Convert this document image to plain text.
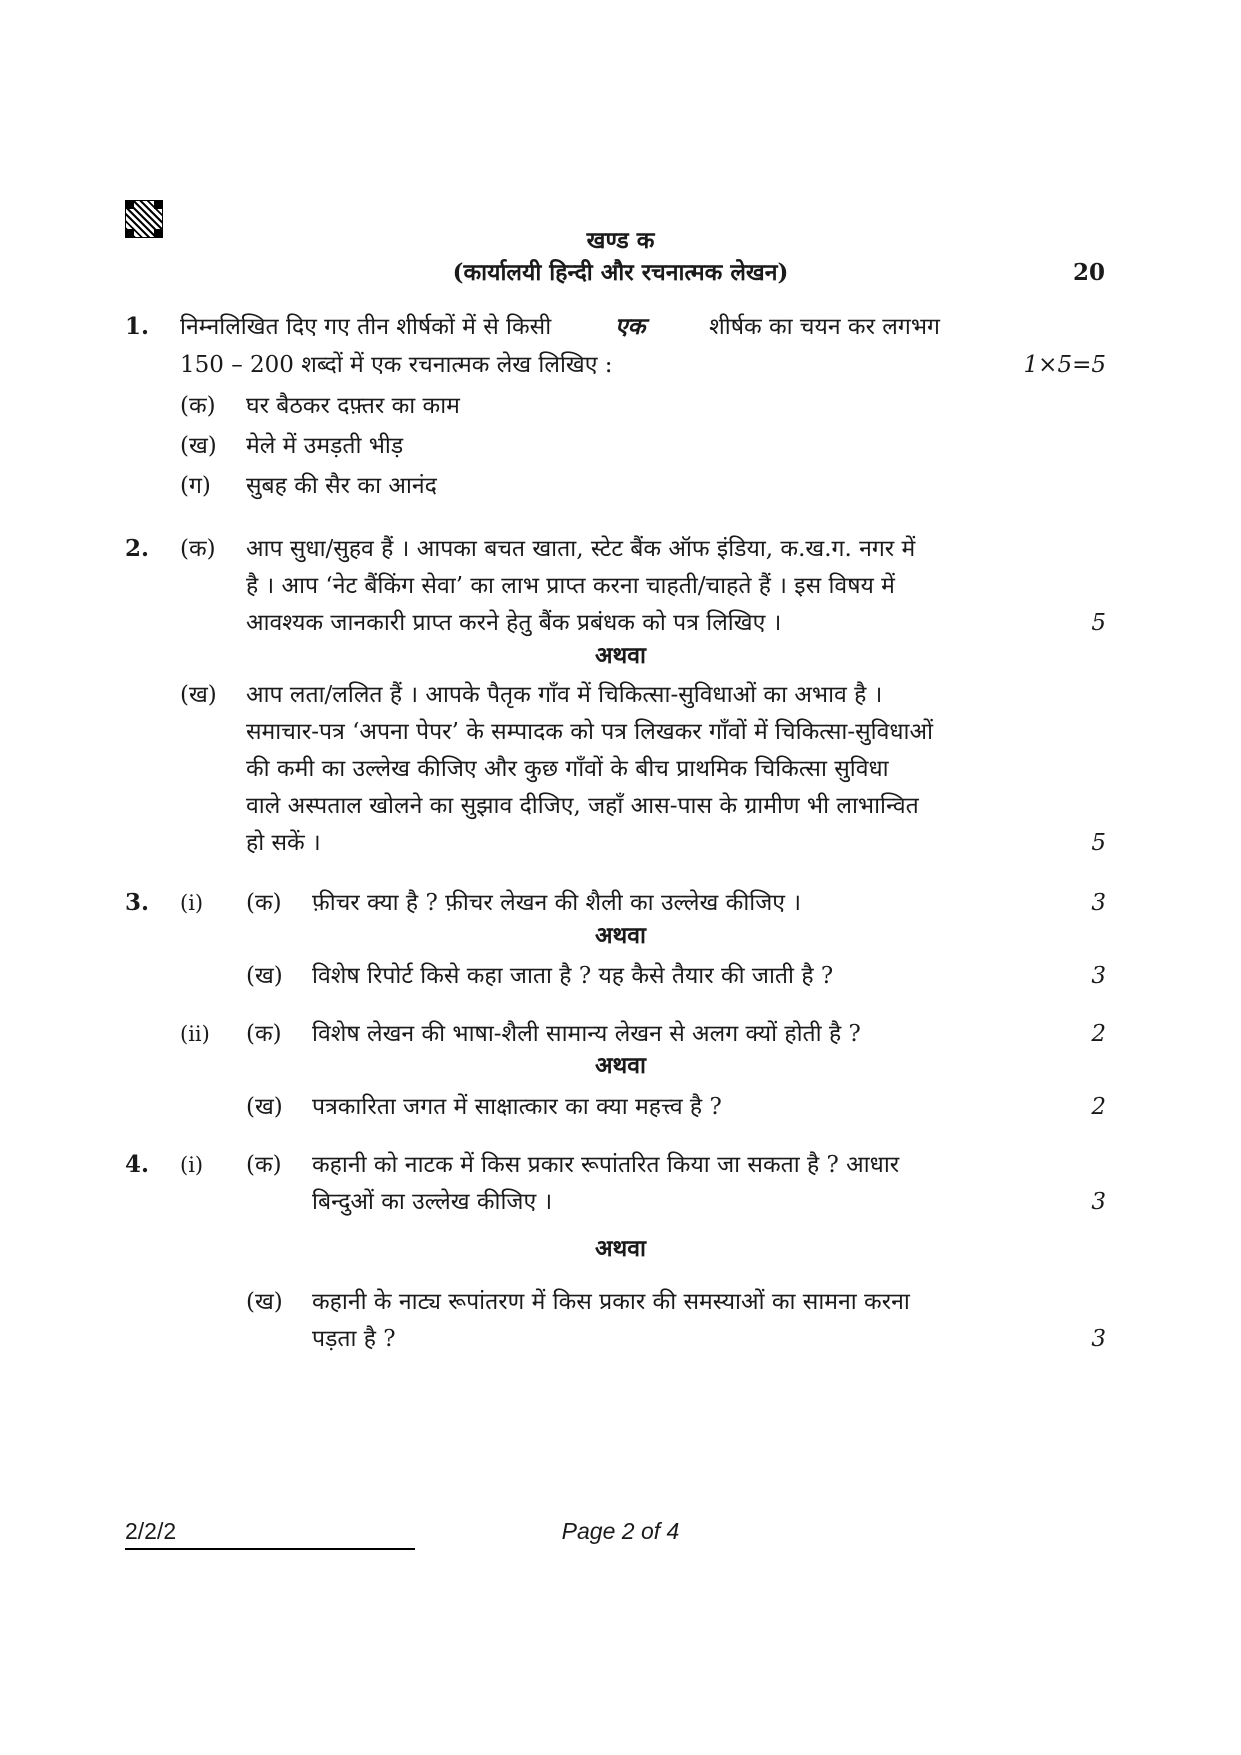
खण्ड क
(कार्यालयी हिन्दी और रचनात्मक लेखन)	20
1. निम्नलिखित दिए गए तीन शीर्षकों में से किसी	एक	शीर्षक का चयन कर लगभग
150 – 200 शब्दों में एक रचनात्मक लेख लिखिए :	1×5=5
(क) घर बैठकर दफ़्तर का काम
(ख) मेले में उमड़ती भीड़
(ग) सुबह की सैर का आनंद
2. (क) आप सुधा/सुहव हैं । आपका बचत खाता, स्टेट बैंक ऑफ इंडिया, क.ख.ग. नगर में
है । आप ‘नेट बैंकिंग सेवा’ का लाभ प्राप्त करना चाहती/चाहते हैं । इस विषय में
आवश्यक जानकारी प्राप्त करने हेतु बैंक प्रबंधक को पत्र लिखिए ।	5
अथवा
(ख) आप लता/ललित हैं । आपके पैतृक गाँव में चिकित्सा-सुविधाओं का अभाव है ।
समाचार-पत्र ‘अपना पेपर’ के सम्पादक को पत्र लिखकर गाँवों में चिकित्सा-सुविधाओं
की कमी का उल्लेख कीजिए और कुछ गाँवों के बीच प्राथमिक चिकित्सा सुविधा
वाले अस्पताल खोलने का सुझाव दीजिए, जहाँ आस-पास के ग्रामीण भी लाभान्वित
हो सकें ।	5
3. (i) (क) फ़ीचर क्या है ? फ़ीचर लेखन की शैली का उल्लेख कीजिए ।	3
अथवा
(ख) विशेष रिपोर्ट किसे कहा जाता है ? यह कैसे तैयार की जाती है ?	3
(ii) (क) विशेष लेखन की भाषा-शैली सामान्य लेखन से अलग क्यों होती है ?	2
अथवा
(ख) पत्रकारिता जगत में साक्षात्कार का क्या महत्त्व है ?	2
4. (i) (क) कहानी को नाटक में किस प्रकार रूपांतरित किया जा सकता है ? आधार
बिन्दुओं का उल्लेख कीजिए ।	3
अथवा
(ख) कहानी के नाट्य रूपांतरण में किस प्रकार की समस्याओं का सामना करना
पड़ता है ?	3
2/2/2	Page 2 of 4
